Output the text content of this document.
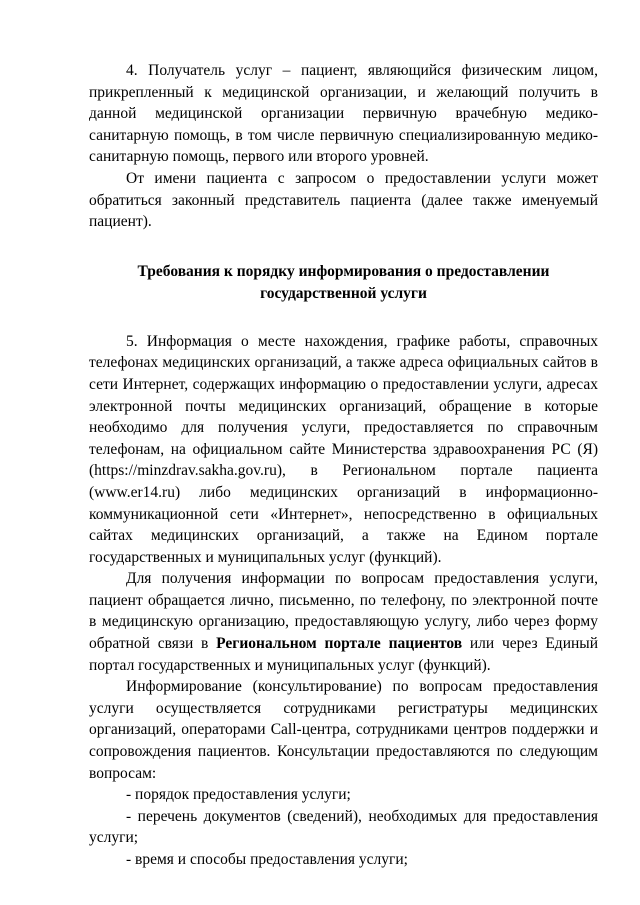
4. Получатель услуг – пациент, являющийся физическим лицом, прикрепленный к медицинской организации, и желающий получить в данной медицинской организации первичную врачебную медико-санитарную помощь, в том числе первичную специализированную медико-санитарную помощь, первого или второго уровней.

От имени пациента с запросом о предоставлении услуги может обратиться законный представитель пациента (далее также именуемый пациент).

Требования к порядку информирования о предоставлении
государственной услуги

5. Информация о месте нахождения, графике работы, справочных телефонах медицинских организаций, а также адреса официальных сайтов в сети Интернет, содержащих информацию о предоставлении услуги, адресах электронной почты медицинских организаций, обращение в которые необходимо для получения услуги, предоставляется по справочным телефонам, на официальном сайте Министерства здравоохранения РС (Я) (https://minzdrav.sakha.gov.ru), в Региональном портале пациента (www.er14.ru) либо медицинских организаций в информационно-коммуникационной сети «Интернет», непосредственно в официальных сайтах медицинских организаций, а также на Едином портале государственных и муниципальных услуг (функций).

Для получения информации по вопросам предоставления услуги, пациент обращается лично, письменно, по телефону, по электронной почте в медицинскую организацию, предоставляющую услугу, либо через форму обратной связи в Региональном портале пациентов или через Единый портал государственных и муниципальных услуг (функций).

Информирование (консультирование) по вопросам предоставления услуги осуществляется сотрудниками регистратуры медицинских организаций, операторами Call-центра, сотрудниками центров поддержки и сопровождения пациентов. Консультации предоставляются по следующим вопросам:

- порядок предоставления услуги;

- перечень документов (сведений), необходимых для предоставления услуги;

- время и способы предоставления услуги;
